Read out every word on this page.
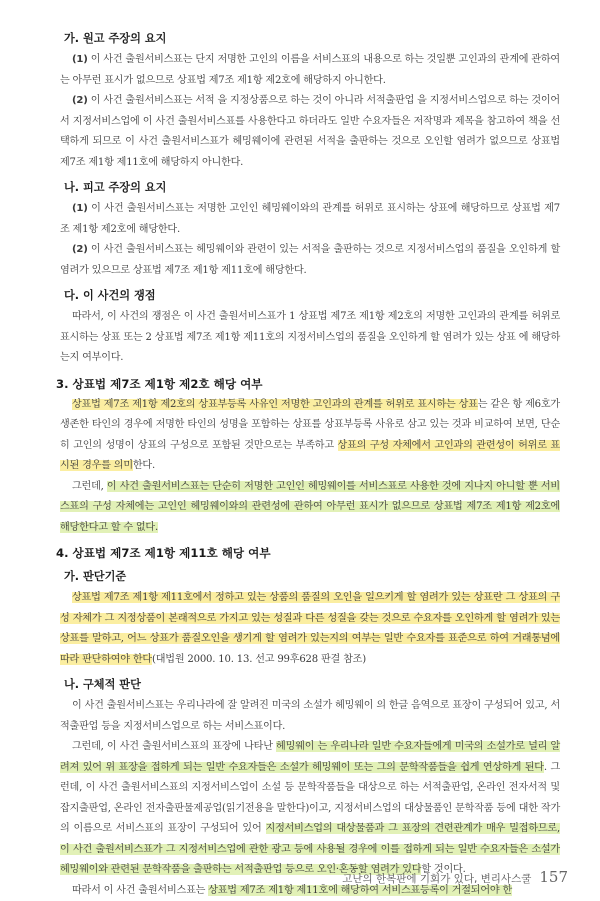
가. 원고 주장의 요지

(1) 이 사건 출원서비스표는 단지 저명한 고인의 이름을 서비스표의 내용으로 하는 것일뿐 고인과의 관계에 관하여는 아무런 표시가 없으므로 상표법 제7조 제1항 제2호에 해당하지 아니한다.

(2) 이 사건 출원서비스표는 서적 을 지정상품으로 하는 것이 아니라 서적출판업 을 지정서비스업으로 하는 것이어서 지정서비스업에 이 사건 출원서비스표를 사용한다고 하더라도 일반 수요자들은 저작명과 제목을 참고하여 책을 선택하게 되므로 이 사건 출원서비스표가 헤밍웨이에 관련된 서적을 출판하는 것으로 오인할 염려가 없으므로 상표법 제7조 제1항 제11호에 해당하지 아니한다.

나. 피고 주장의 요지

(1) 이 사건 출원서비스표는 저명한 고인인 헤밍웨이와의 관계를 허위로 표시하는 상표에 해당하므로 상표법 제7조 제1항 제2호에 해당한다.

(2) 이 사건 출원서비스표는 헤밍웨이와 관련이 있는 서적을 출판하는 것으로 지정서비스업의 품질을 오인하게 할 염려가 있으므로 상표법 제7조 제1항 제11호에 해당한다.

다. 이 사건의 쟁점

따라서, 이 사건의 쟁점은 이 사건 출원서비스표가 1 상표법 제7조 제1항 제2호의 저명한 고인과의 관계를 허위로 표시하는 상표 또는 2 상표법 제7조 제1항 제11호의 지정서비스업의 품질을 오인하게 할 염려가 있는 상표 에 해당하는지 여부이다.

3. 상표법 제7조 제1항 제2호 해당 여부

상표법 제7조 제1항 제2호의 상표부등록 사유인 저명한 고인과의 관계를 허위로 표시하는 상표는 같은 항 제6호가 생존한 타인의 경우에 저명한 타인의 성명을 포함하는 상표를 상표부등록 사유로 삼고 있는 것과 비교하여 보면, 단순히 고인의 성명이 상표의 구성으로 포함된 것만으로는 부족하고 상표의 구성 자체에서 고인과의 관련성이 허위로 표시된 경우를 의미한다.

그런데, 이 사건 출원서비스표는 단순히 저명한 고인인 헤밍웨이를 서비스표로 사용한 것에 지나지 아니할 뿐 서비스표의 구성 자체에는 고인인 헤밍웨이와의 관련성에 관하여 아무런 표시가 없으므로 상표법 제7조 제1항 제2호에 해당한다고 할 수 없다.

4. 상표법 제7조 제1항 제11호 해당 여부
가. 판단기준

상표법 제7조 제1항 제11호에서 정하고 있는 상품의 품질의 오인을 일으키게 할 염려가 있는 상표란 그 상표의 구성 자체가 그 지정상품이 본래적으로 가지고 있는 성질과 다른 성질을 갖는 것으로 수요자를 오인하게 할 염려가 있는 상표를 말하고, 어느 상표가 품질오인을 생기게 할 염려가 있는지의 여부는 일반 수요자를 표준으로 하여 거래통념에 따라 판단하여야 한다(대법원 2000. 10. 13. 선고 99후628 판결 참조)

나. 구체적 판단

이 사건 출원서비스표는 우리나라에 잘 알려진 미국의 소설가 헤밍웨이 의 한글 음역으로 표장이 구성되어 있고, 서적출판업 등을 지정서비스업으로 하는 서비스표이다.

그런데, 이 사건 출원서비스표의 표장에 나타난 헤밍웨이 는 우리나라 일반 수요자들에게 미국의 소설가로 널리 알려져 있어 위 표장을 접하게 되는 일반 수요자들은 소설가 헤밍웨이 또는 그의 문학작품들을 쉽게 연상하게 된다. 그런데, 이 사건 출원서비스표의 지정서비스업이 소설 등 문학작품들을 대상으로 하는 서적출판업, 온라인 전자서적 및 잡지출판업, 온라인 전자출판물제공업(읽기전용을 말한다)이고, 지정서비스업의 대상물품인 문학작품 등에 대한 작가의 이름으로 서비스표의 표장이 구성되어 있어 지정서비스업의 대상물품과 그 표장의 견련관계가 매우 밀접하므로, 이 사건 출원서비스표가 그 지정서비스업에 관한 광고 등에 사용될 경우에 이를 접하게 되는 일반 수요자들은 소설가 헤밍웨이와 관련된 문학작품을 출판하는 서적출판업 등으로 오인·혼동할 염려가 있다할 것이다.

따라서 이 사건 출원서비스표는 상표법 제7조 제1항 제11호에 해당하여 서비스표등록이 거절되어야 한

고난의 한복판에 기회가 있다, 변리사스쿨 157
